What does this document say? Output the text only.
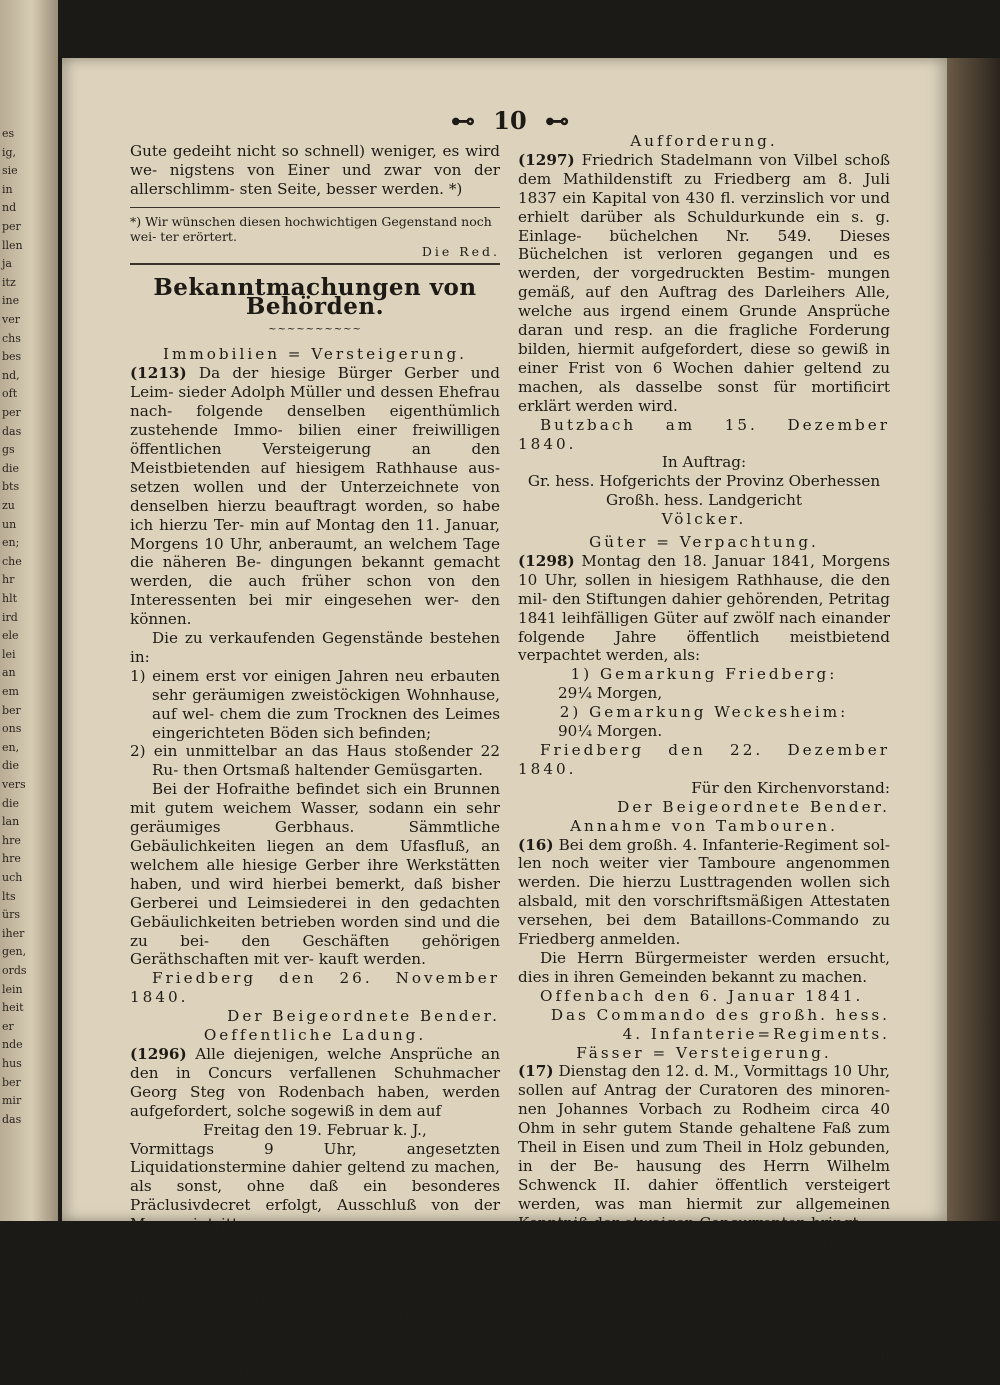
es
ig,
sie
in
nd
per
llen
ja
itz
ine
ver
chs
bes
nd,
oft
per
das
gs
die
bts
zu
un
en;
che
hr
hlt
ird
ele
lei
an
em
ber
ons
en,
die
vers
die
lan
hre
hre
uch
lts
ürs
iher
gen,
ords
lein
heit
er
nde
hus
ber
mir
das
⊷ 10 ⊷

Gute gedeiht nicht so schnell) weniger, es wird we- nigstens von Einer und zwar von der allerschlimm- sten Seite, besser werden. *)

*) Wir wünschen diesen hochwichtigen Gegenstand noch wei- ter erörtert.
Die Red.
Bekanntmachungen von Behörden.
~~~~~~~~~~

Immobilien = Versteigerung.

(1213) Da der hiesige Bürger Gerber und Leim- sieder Adolph Müller und dessen Ehefrau nach- folgende denselben eigenthümlich zustehende Immo- bilien einer freiwilligen öffentlichen Versteigerung an den Meistbietenden auf hiesigem Rathhause aus- setzen wollen und der Unterzeichnete von denselben hierzu beauftragt worden, so habe ich hierzu Ter- min auf Montag den 11. Januar, Morgens 10 Uhr, anberaumt, an welchem Tage die näheren Be- dingungen bekannt gemacht werden, die auch früher schon von den Interessenten bei mir eingesehen wer- den können.

Die zu verkaufenden Gegenstände bestehen in:

1) einem erst vor einigen Jahren neu erbauten sehr geräumigen zweistöckigen Wohnhause, auf wel- chem die zum Trocknen des Leimes eingerichteten Böden sich befinden;

2) ein unmittelbar an das Haus stoßender 22 Ru- then Ortsmaß haltender Gemüsgarten.

Bei der Hofraithe befindet sich ein Brunnen mit gutem weichem Wasser, sodann ein sehr geräumiges Gerbhaus. Sämmtliche Gebäulichkeiten liegen an dem Ufasfluß, an welchem alle hiesige Gerber ihre Werkstätten haben, und wird hierbei bemerkt, daß bisher Gerberei und Leimsiederei in den gedachten Gebäulichkeiten betrieben worden sind und die zu bei- den Geschäften gehörigen Geräthschaften mit ver- kauft werden.

Friedberg den 26. November 1840.

Der Beigeordnete Bender.

Oeffentliche Ladung.

(1296) Alle diejenigen, welche Ansprüche an den in Concurs verfallenen Schuhmacher Georg Steg von Rodenbach haben, werden aufgefordert, solche sogewiß in dem auf

Freitag den 19. Februar k. J.,

Vormittags 9 Uhr, angesetzten Liquidationstermine dahier geltend zu machen, als sonst, ohne daß ein besonderes Präclusivdecret erfolgt, Ausschluß von der Masse eintritt.

In dem Termin soll zugleich die Güte versucht werden, weßhalb die Vollmachten etwaiger Manda- tare zum Abschluß eines Arrangements ermächtigen müssen.

Großkarben den 10. Dezember 1840.

Großherzoglich hessisches Landgericht

Muhl. Schmidt.

Aufforderung.

(1297) Friedrich Stadelmann von Vilbel schoß dem Mathildenstift zu Friedberg am 8. Juli 1837 ein Kapital von 430 fl. verzinslich vor und erhielt darüber als Schuldurkunde ein s. g. Einlage- büchelchen Nr. 549. Dieses Büchelchen ist verloren gegangen und es werden, der vorgedruckten Bestim- mungen gemäß, auf den Auftrag des Darleihers Alle, welche aus irgend einem Grunde Ansprüche daran und resp. an die fragliche Forderung bilden, hiermit aufgefordert, diese so gewiß in einer Frist von 6 Wochen dahier geltend zu machen, als dasselbe sonst für mortificirt erklärt werden wird.

Butzbach am 15. Dezember 1840.

In Auftrag:

Gr. hess. Hofgerichts der Provinz Oberhessen

Großh. hess. Landgericht

Völcker.

Güter = Verpachtung.

(1298) Montag den 18. Januar 1841, Morgens 10 Uhr, sollen in hiesigem Rathhause, die den mil- den Stiftungen dahier gehörenden, Petritag 1841 leihfälligen Güter auf zwölf nach einander folgende Jahre öffentlich meistbietend verpachtet werden, als:

1) Gemarkung Friedberg:

29¼ Morgen,

2) Gemarkung Weckesheim:

90¼ Morgen.

Friedberg den 22. Dezember 1840.

Für den Kirchenvorstand:

Der Beigeordnete Bender.

Annahme von Tambouren.

(16) Bei dem großh. 4. Infanterie-Regiment sol- len noch weiter vier Tamboure angenommen werden. Die hierzu Lusttragenden wollen sich alsbald, mit den vorschriftsmäßigen Attestaten versehen, bei dem Bataillons-Commando zu Friedberg anmelden.

Die Herrn Bürgermeister werden ersucht, dies in ihren Gemeinden bekannt zu machen.

Offenbach den 6. Januar 1841.

Das Commando des großh. hess.

4. Infanterie=Regiments.

Fässer = Versteigerung.

(17) Dienstag den 12. d. M., Vormittags 10 Uhr, sollen auf Antrag der Curatoren des minoren- nen Johannes Vorbach zu Rodheim circa 40 Ohm in sehr gutem Stande gehaltene Faß zum Theil in Eisen und zum Theil in Holz gebunden, in der Be- hausung des Herrn Wilhelm Schwenck II. dahier öffentlich versteigert werden, was man hiermit zur allgemeinen Kenntniß der etwaigen Concurrenten bringt.

Niedereschbach den 6. Januar 1841.

Der großh. hess. Bürgermeister

Fahz.

Hofraithe = Versteigerung.

(18) Auf freiwilligen Antrag der Bürger und Sattler Karl Decher'schen Eheleute soll Dienstag
